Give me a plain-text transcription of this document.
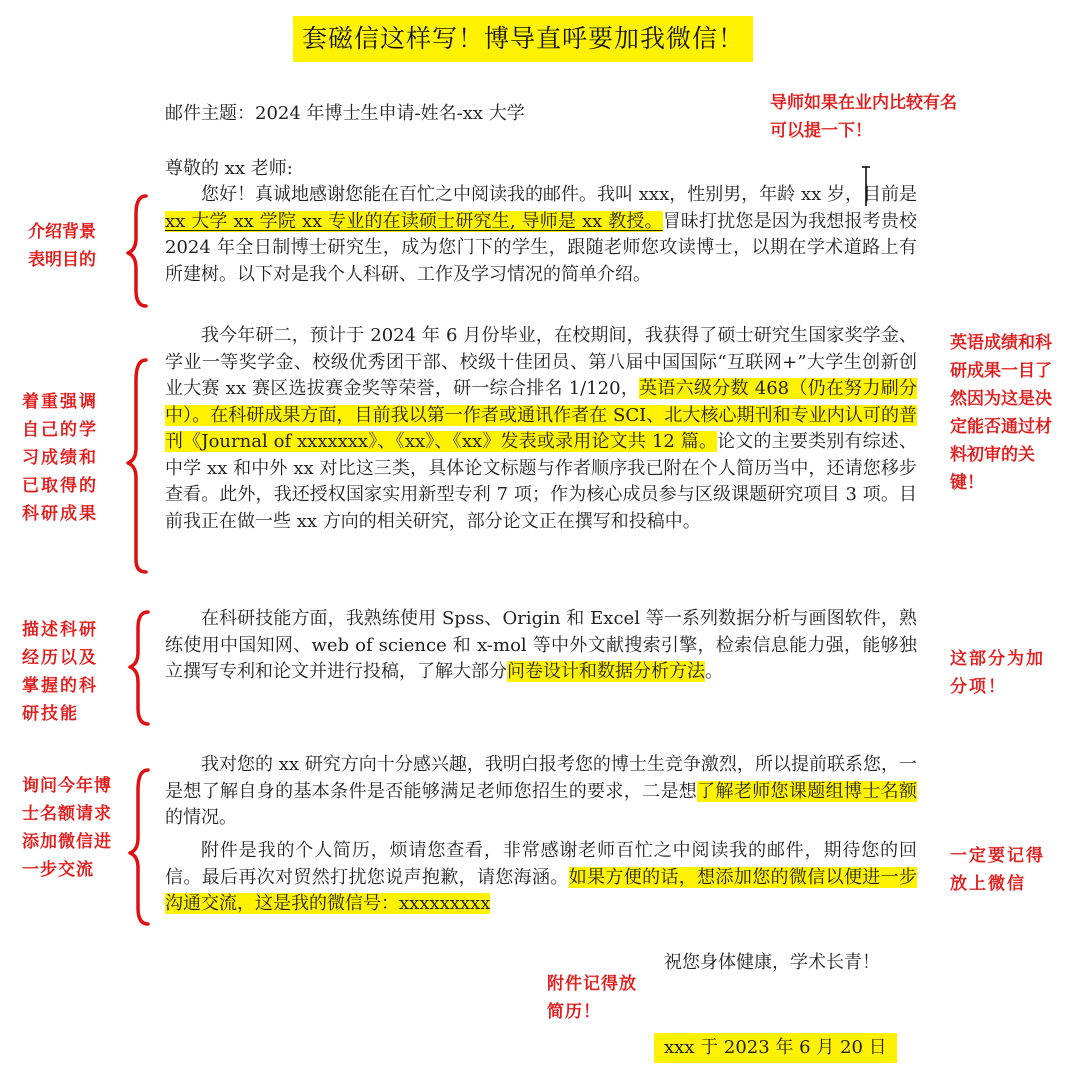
套磁信这样写！博导直呼要加我微信！
邮件主题：2024 年博士生申请-姓名-xx 大学
尊敬的 xx 老师:
您好！真诚地感谢您能在百忙之中阅读我的邮件。我叫 xxx，性别男，年龄 xx 岁，目前是 xx 大学 xx 学院 xx 专业的在读硕士研究生, 导师是 xx 教授。冒昧打扰您是因为我想报考贵校 2024 年全日制博士研究生，成为您门下的学生，跟随老师您攻读博士，以期在学术道路上有所建树。以下对是我个人科研、工作及学习情况的简单介绍。
我今年研二，预计于 2024 年 6 月份毕业，在校期间，我获得了硕士研究生国家奖学金、学业一等奖学金、校级优秀团干部、校级十佳团员、第八届中国国际“互联网+”大学生创新创业大赛 xx 赛区选拔赛金奖等荣誉，研一综合排名 1/120，英语六级分数 468（仍在努力刷分中）。在科研成果方面，目前我以第一作者或通讯作者在 SCI、北大核心期刊和专业内认可的普刊《Journal of xxxxxxx》、《xx》、《xx》发表或录用论文共 12 篇。论文的主要类别有综述、中学 xx 和中外 xx 对比这三类，具体论文标题与作者顺序我已附在个人简历当中，还请您移步查看。此外，我还授权国家实用新型专利 7 项；作为核心成员参与区级课题研究项目 3 项。目前我正在做一些 xx 方向的相关研究，部分论文正在撰写和投稿中。
在科研技能方面，我熟练使用 Spss、Origin 和 Excel 等一系列数据分析与画图软件，熟练使用中国知网、web of science 和 x-mol 等中外文献搜索引擎，检索信息能力强，能够独立撰写专利和论文并进行投稿，了解大部分问卷设计和数据分析方法。
我对您的 xx 研究方向十分感兴趣，我明白报考您的博士生竞争激烈，所以提前联系您，一是想了解自身的基本条件是否能够满足老师您招生的要求，二是想了解老师您课题组博士名额的情况。
附件是我的个人简历，烦请您查看，非常感谢老师百忙之中阅读我的邮件，期待您的回信。最后再次对贸然打扰您说声抱歉，请您海涵。如果方便的话，想添加您的微信以便进一步沟通交流，这是我的微信号：xxxxxxxxx
祝您身体健康，学术长青！
xxx 于 2023 年 6 月 20 日
导师如果在业内比较有名可以提一下！
介绍背景表明目的
着重强调自己的学习成绩和已取得的科研成果
描述科研经历以及掌握的科研技能
询问今年博士名额请求添加微信进一步交流
英语成绩和科研成果一目了然因为这是决定能否通过材料初审的关键！
这部分为加分项！
一定要记得放上微信
附件记得放简历！
